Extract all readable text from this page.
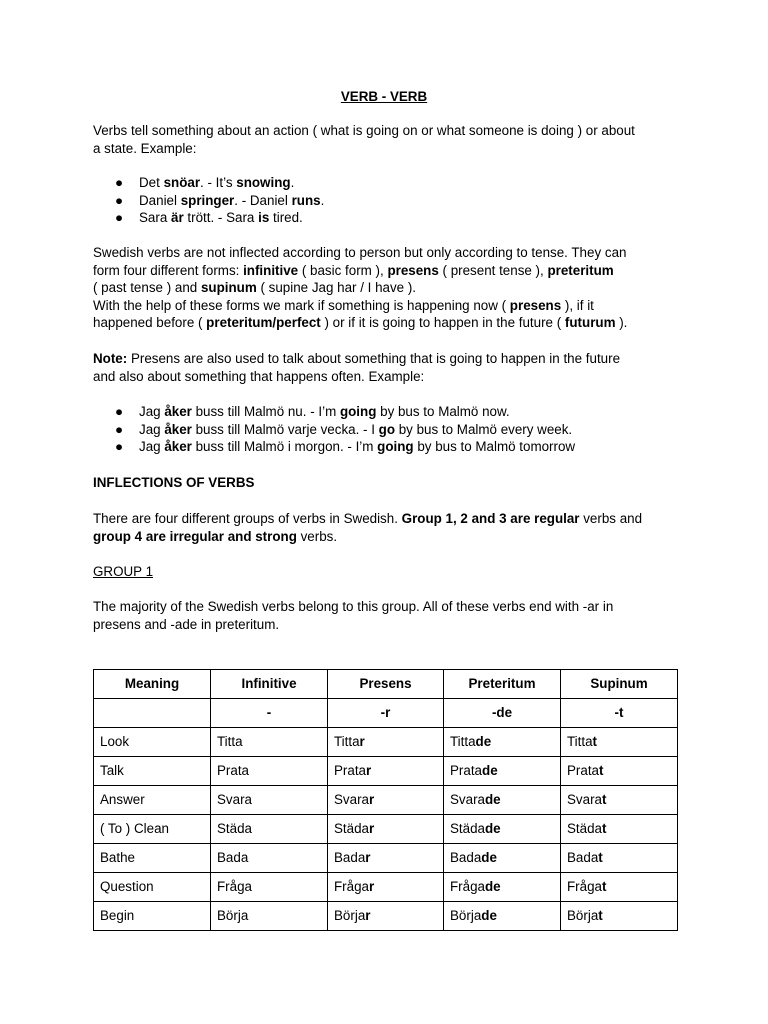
VERB - VERB
Verbs tell something about an action ( what is going on or what someone is doing ) or about
a state. Example:
● Det snöar. - It’s snowing.
● Daniel springer. - Daniel runs.
● Sara är trött. - Sara is tired.
Swedish verbs are not inflected according to person but only according to tense. They can
form four different forms: infinitive ( basic form ), presens ( present tense ), preteritum
( past tense ) and supinum ( supine Jag har / I have ).
With the help of these forms we mark if something is happening now ( presens ), if it
happened before ( preteritum/perfect ) or if it is going to happen in the future ( futurum ).
Note: Presens are also used to talk about something that is going to happen in the future
and also about something that happens often. Example:
● Jag åker buss till Malmö nu. - I’m going by bus to Malmö now.
● Jag åker buss till Malmö varje vecka. - I go by bus to Malmö every week.
● Jag åker buss till Malmö i morgon. - I’m going by bus to Malmö tomorrow
INFLECTIONS OF VERBS
There are four different groups of verbs in Swedish. Group 1, 2 and 3 are regular verbs and
group 4 are irregular and strong verbs.
GROUP 1
The majority of the Swedish verbs belong to this group. All of these verbs end with -ar in
presens and -ade in preteritum.
Meaning	Infinitive	Presens	Preteritum	Supinum
	-	-r	-de	-t
Look	Titta	Tittar	Tittade	Tittat
Talk	Prata	Pratar	Pratade	Pratat
Answer	Svara	Svarar	Svarade	Svarat
( To ) Clean	Städa	Städar	Städade	Städat
Bathe	Bada	Badar	Badade	Badat
Question	Fråga	Frågar	Frågade	Frågat
Begin	Börja	Börjar	Började	Börjat
